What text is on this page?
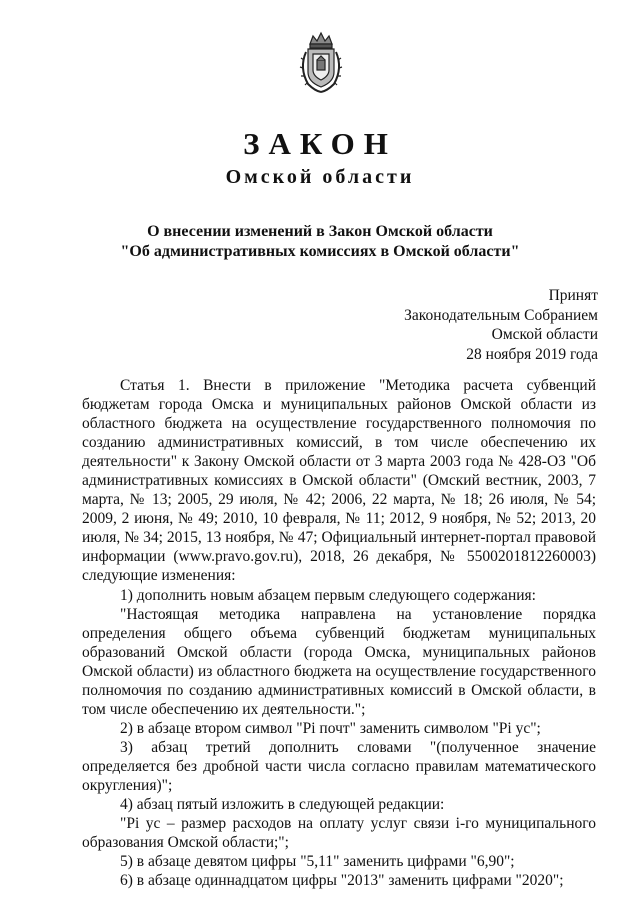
ЗАКОН
Омской области
О внесении изменений в Закон Омской области
"Об административных комиссиях в Омской области"
Принят
Законодательным Собранием
Омской области
28 ноября 2019 года

Статья 1. Внести в приложение "Методика расчета субвенций бюджетам города Омска и муниципальных районов Омской области из областного бюджета на осуществление государственного полномочия по созданию административных комиссий, в том числе обеспечению их деятельности" к Закону Омской области от 3 марта 2003 года № 428-ОЗ "Об административных комиссиях в Омской области" (Омский вестник, 2003, 7 марта, № 13; 2005, 29 июля, № 42; 2006, 22 марта, № 18; 26 июля, № 54; 2009, 2 июня, № 49; 2010, 10 февраля, № 11; 2012, 9 ноября, № 52; 2013, 20 июля, № 34; 2015, 13 ноября, № 47; Официальный интернет-портал правовой информации (www.pravo.gov.ru), 2018, 26 декабря, № 5500201812260003) следующие изменения:

1) дополнить новым абзацем первым следующего содержания:

"Настоящая методика направлена на установление порядка определения общего объема субвенций бюджетам муниципальных образований Омской области (города Омска, муниципальных районов Омской области) из областного бюджета на осуществление государственного полномочия по созданию административных комиссий в Омской области, в том числе обеспечению их деятельности.";

2) в абзаце втором символ "Pi почт" заменить символом "Pi ус";

3) абзац третий дополнить словами "(полученное значение определяется без дробной части числа согласно правилам математического округления)";

4) абзац пятый изложить в следующей редакции:

"Pi ус – размер расходов на оплату услуг связи i-го муниципального образования Омской области;";

5) в абзаце девятом цифры "5,11" заменить цифрами "6,90";

6) в абзаце одиннадцатом цифры "2013" заменить цифрами "2020";
